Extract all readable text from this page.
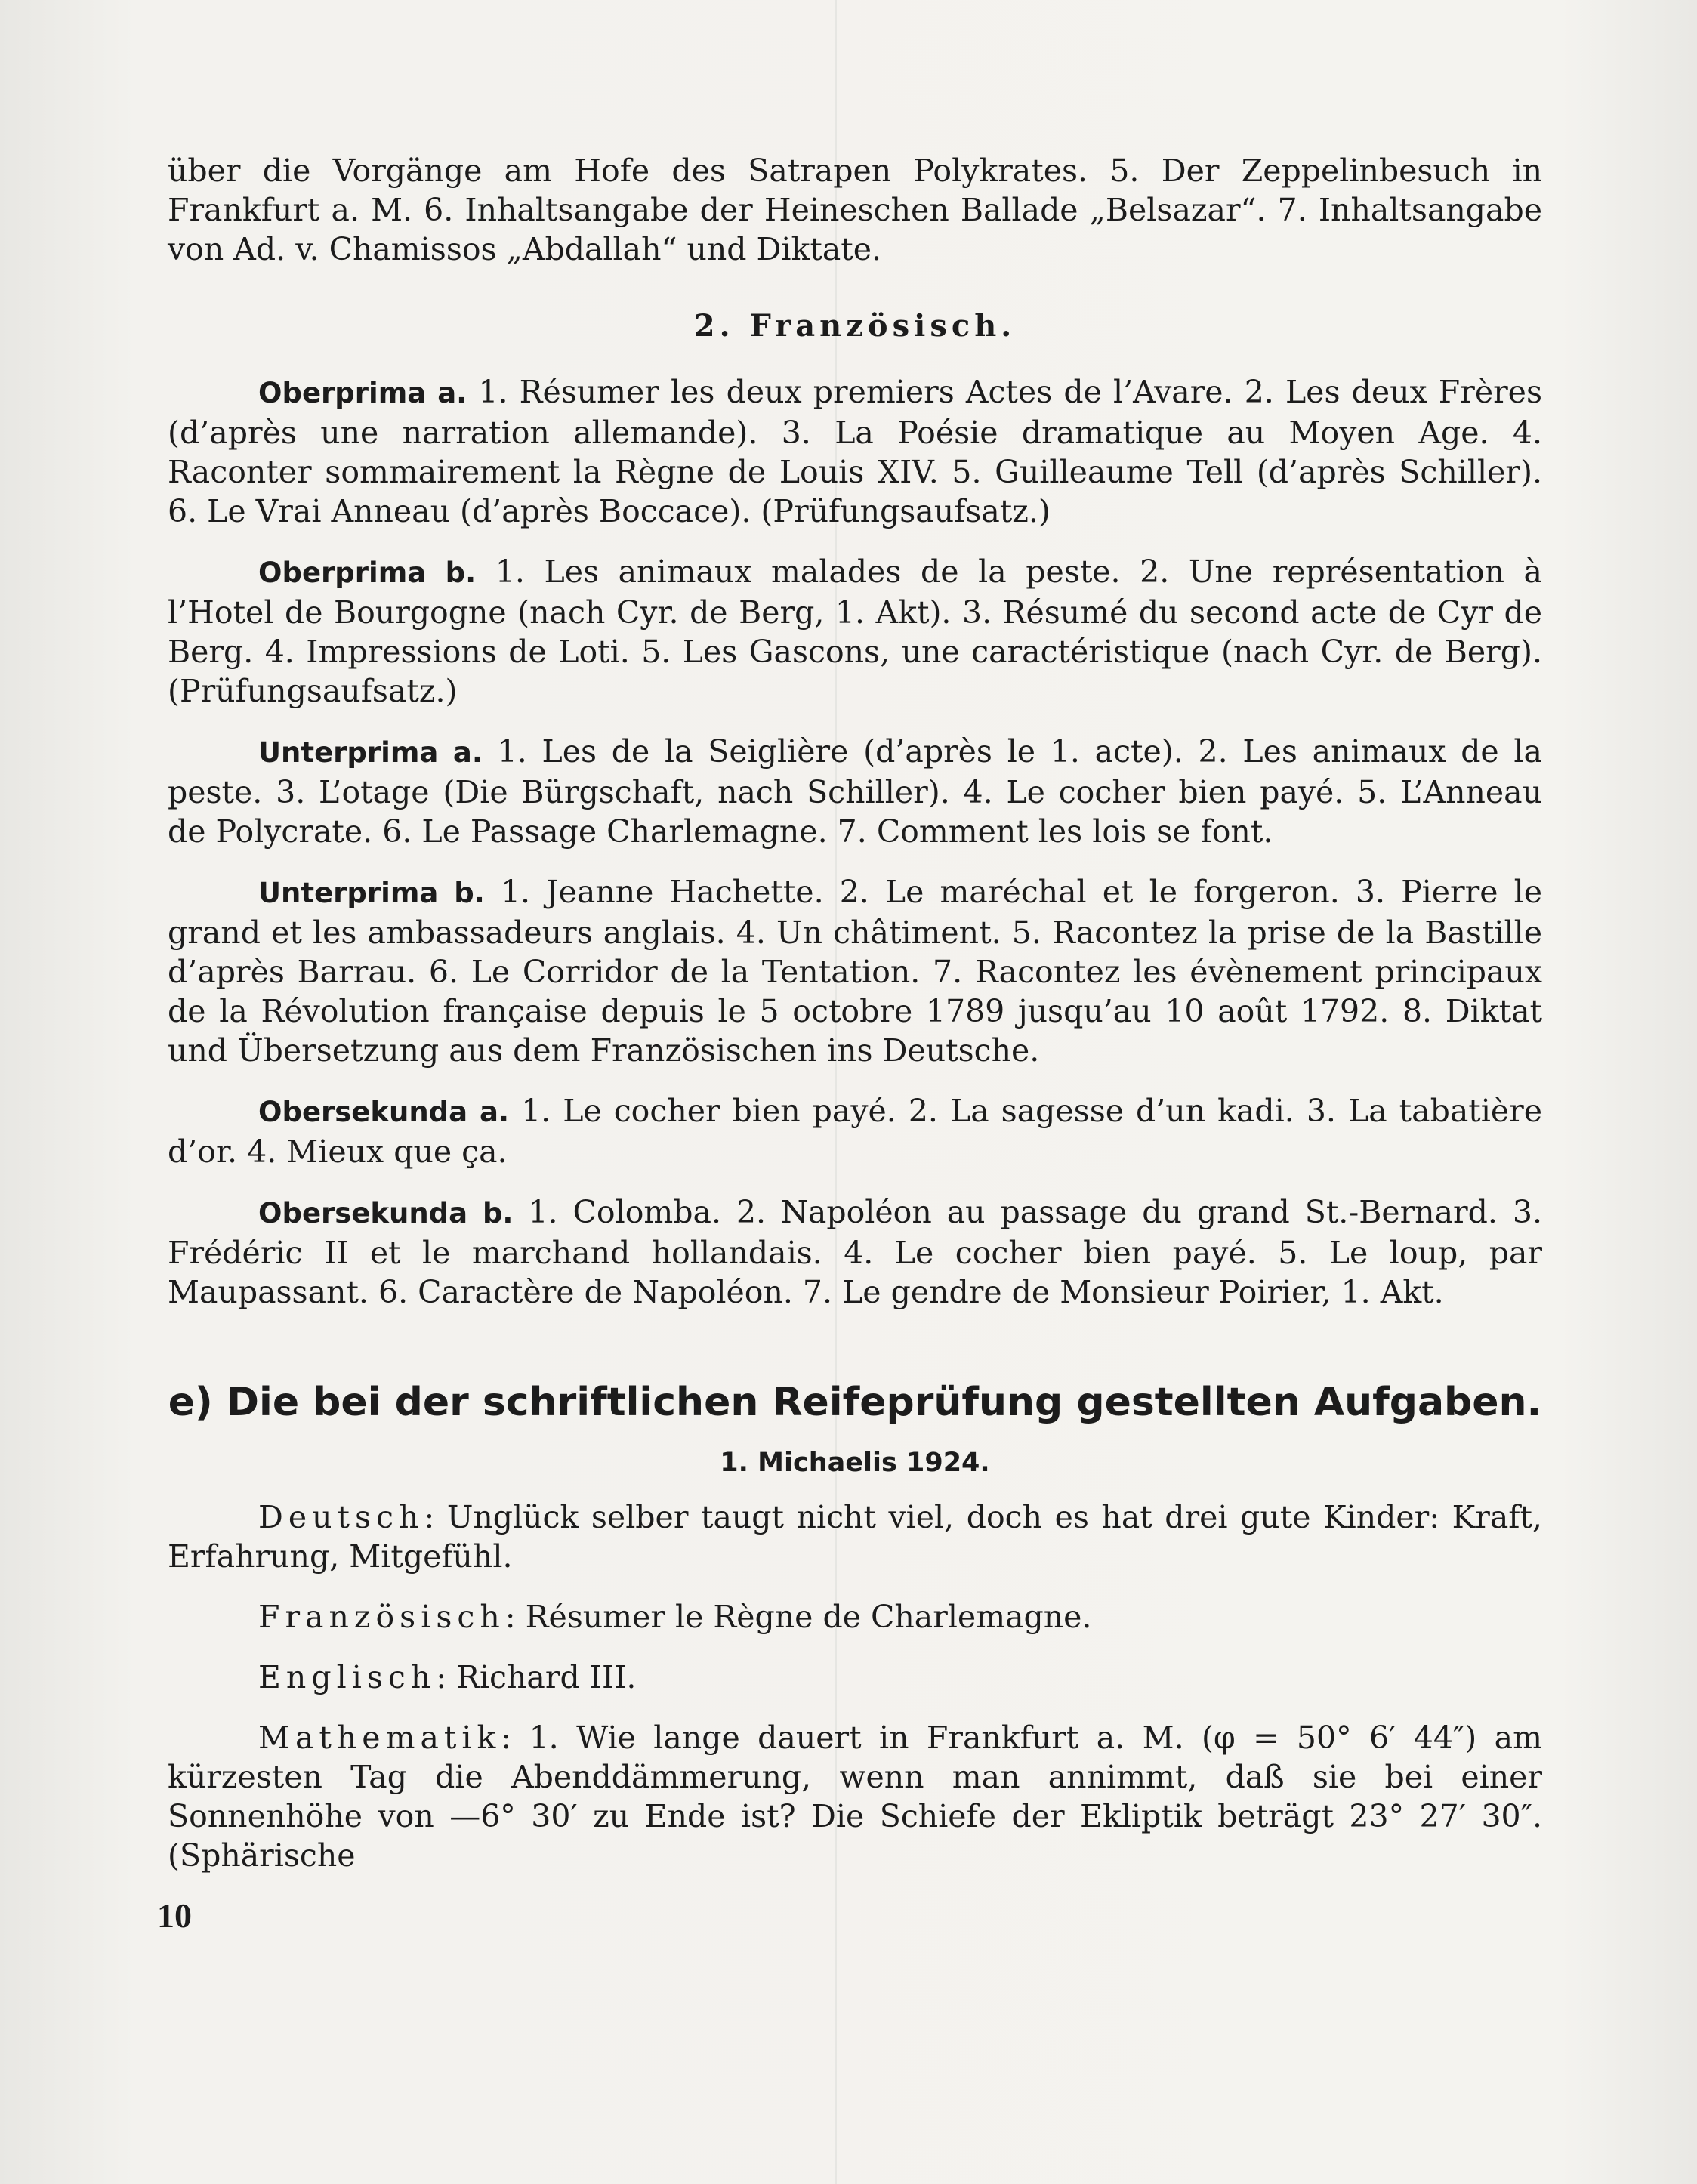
über die Vorgänge am Hofe des Satrapen Polykrates. 5. Der Zeppelinbesuch in Frankfurt a. M. 6. Inhaltsangabe der Heineschen Ballade „Belsazar“. 7. Inhaltsangabe von Ad. v. Chamissos „Abdallah“ und Diktate.

2. Französisch.

Oberprima a. 1. Résumer les deux premiers Actes de l’Avare. 2. Les deux Frères (d’après une narration allemande). 3. La Poésie dramatique au Moyen Age. 4. Raconter sommairement la Règne de Louis XIV. 5. Guilleaume Tell (d’après Schiller). 6. Le Vrai Anneau (d’après Boccace). (Prüfungsaufsatz.)

Oberprima b. 1. Les animaux malades de la peste. 2. Une représentation à l’Hotel de Bourgogne (nach Cyr. de Berg, 1. Akt). 3. Résumé du second acte de Cyr de Berg. 4. Impressions de Loti. 5. Les Gascons, une caractéristique (nach Cyr. de Berg). (Prüfungsaufsatz.)

Unterprima a. 1. Les de la Seiglière (d’après le 1. acte). 2. Les animaux de la peste. 3. L’otage (Die Bürgschaft, nach Schiller). 4. Le cocher bien payé. 5. L’Anneau de Polycrate. 6. Le Passage Charlemagne. 7. Comment les lois se font.

Unterprima b. 1. Jeanne Hachette. 2. Le maréchal et le forgeron. 3. Pierre le grand et les ambassadeurs anglais. 4. Un châtiment. 5. Racontez la prise de la Bastille d’après Barrau. 6. Le Corridor de la Tentation. 7. Racontez les évènement principaux de la Révolution française depuis le 5 octobre 1789 jusqu’au 10 août 1792. 8. Diktat und Übersetzung aus dem Französischen ins Deutsche.

Obersekunda a. 1. Le cocher bien payé. 2. La sagesse d’un kadi. 3. La tabatière d’or. 4. Mieux que ça.

Obersekunda b. 1. Colomba. 2. Napoléon au passage du grand St.-Bernard. 3. Frédéric II et le marchand hollandais. 4. Le cocher bien payé. 5. Le loup, par Maupassant. 6. Caractère de Napoléon. 7. Le gendre de Monsieur Poirier, 1. Akt.

e) Die bei der schriftlichen Reifeprüfung gestellten Aufgaben.

1. Michaelis 1924.

Deutsch: Unglück selber taugt nicht viel, doch es hat drei gute Kinder: Kraft, Erfahrung, Mitgefühl.

Französisch: Résumer le Règne de Charlemagne.

Englisch: Richard III.

Mathematik: 1. Wie lange dauert in Frankfurt a. M. (φ = 50° 6′ 44″) am kürzesten Tag die Abenddämmerung, wenn man annimmt, daß sie bei einer Sonnenhöhe von —6° 30′ zu Ende ist? Die Schiefe der Ekliptik beträgt 23° 27′ 30″. (Sphärische

10
